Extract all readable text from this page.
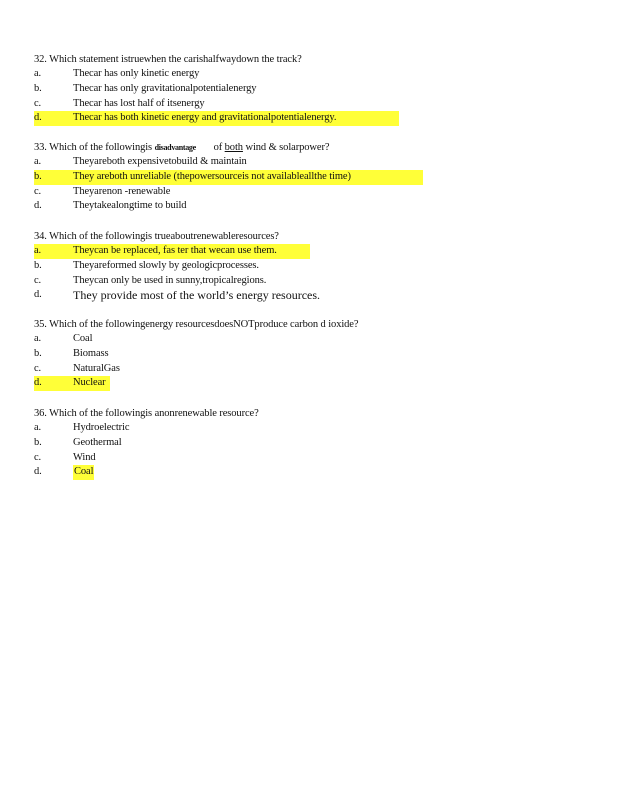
32. Which statement istruewhen the carishalfwaydown the track?
a.	Thecar has only kinetic energy
b.	Thecar has only gravitationalpotentialenergy
c.	Thecar has lost half of itsenergy
d.	Thecar has both kinetic energy and gravitationalpotentialenergy.
33. Which of the followingis disadvantage of both wind & solarpower?
a.	Theyareboth expensivetobuild & maintain
b.	They areboth unreliable (thepowersourceis not availableallthe time)
c.	Theyarenon -renewable
d.	Theytakealongtime to build
34. Which of the followingis trueaboutrenewableresources?
a.	Theycan be replaced, fas ter that wecan use them.
b.	Theyareformed slowly by geologicprocesses.
c.	Theycan only be used in sunny,tropicalregions.
d.	They provide most of the world’s energy resources.
35. Which of the followingenergy resourcesdoesNOTproduce carbon d ioxide?
a.	Coal
b.	Biomass
c.	NaturalGas
d.	Nuclear
36. Which of the followingis anonrenewable resource?
a.	Hydroelectric
b.	Geothermal
c.	Wind
d.	Coal
